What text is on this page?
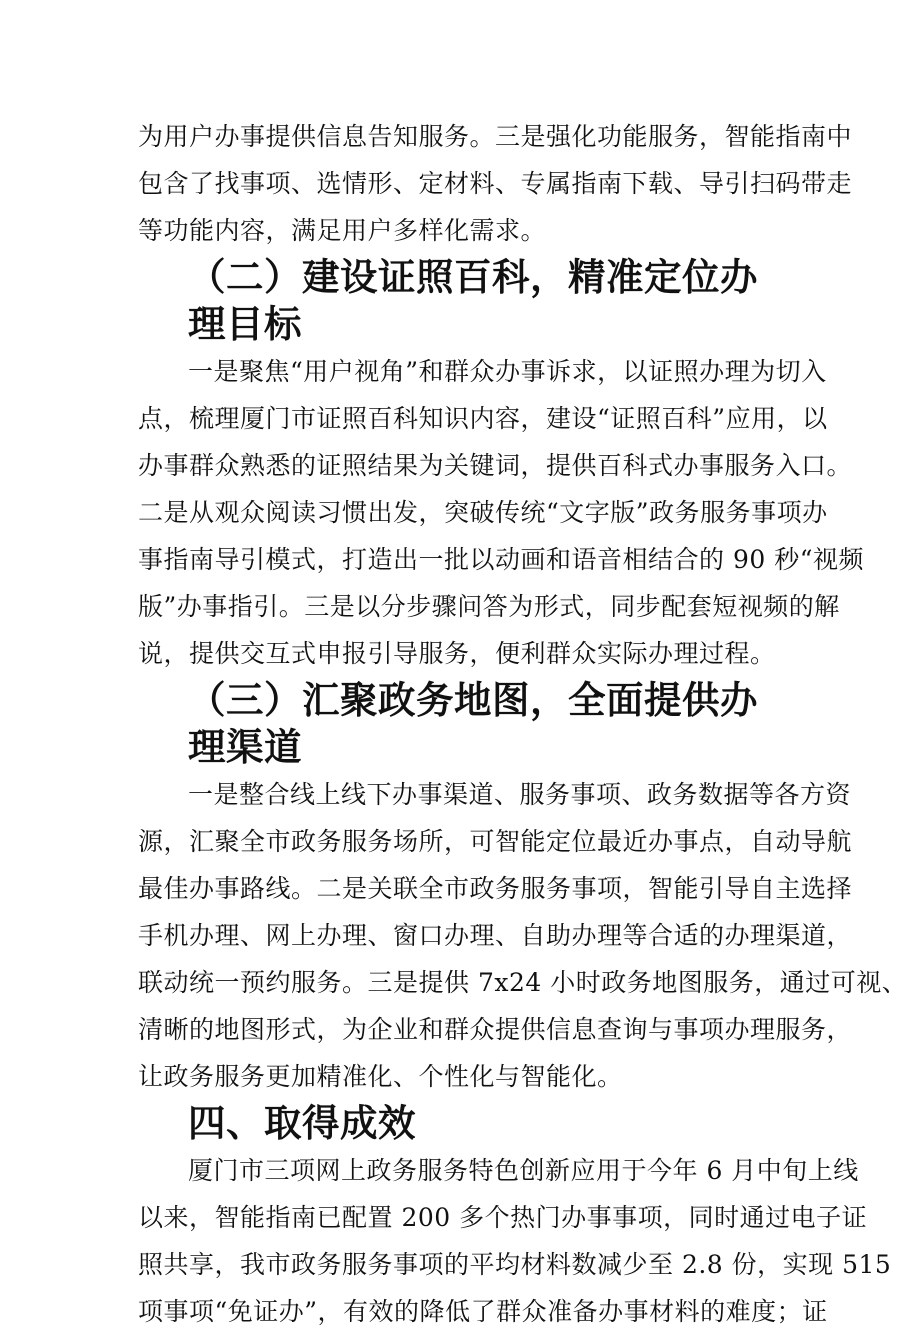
为用户办事提供信息告知服务。三是强化功能服务，智能指南中
包含了找事项、选情形、定材料、专属指南下载、导引扫码带走
等功能内容，满足用户多样化需求。

（二）建设证照百科，精准定位办理目标

一是聚焦“用户视角”和群众办事诉求，以证照办理为切入
点，梳理厦门市证照百科知识内容，建设“证照百科”应用，以
办事群众熟悉的证照结果为关键词，提供百科式办事服务入口。
二是从观众阅读习惯出发，突破传统“文字版”政务服务事项办
事指南导引模式，打造出一批以动画和语音相结合的 90 秒“视频
版”办事指引。三是以分步骤问答为形式，同步配套短视频的解
说，提供交互式申报引导服务，便利群众实际办理过程。

（三）汇聚政务地图，全面提供办理渠道

一是整合线上线下办事渠道、服务事项、政务数据等各方资
源，汇聚全市政务服务场所，可智能定位最近办事点，自动导航
最佳办事路线。二是关联全市政务服务事项，智能引导自主选择
手机办理、网上办理、窗口办理、自助办理等合适的办理渠道，
联动统一预约服务。三是提供 7x24 小时政务地图服务，通过可视、
清晰的地图形式，为企业和群众提供信息查询与事项办理服务，
让政务服务更加精准化、个性化与智能化。

四、取得成效

厦门市三项网上政务服务特色创新应用于今年 6 月中旬上线
以来，智能指南已配置 200 多个热门办事事项，同时通过电子证
照共享，我市政务服务事项的平均材料数减少至 2.8 份，实现 515
项事项“免证办”，有效的降低了群众准备办事材料的难度；证
